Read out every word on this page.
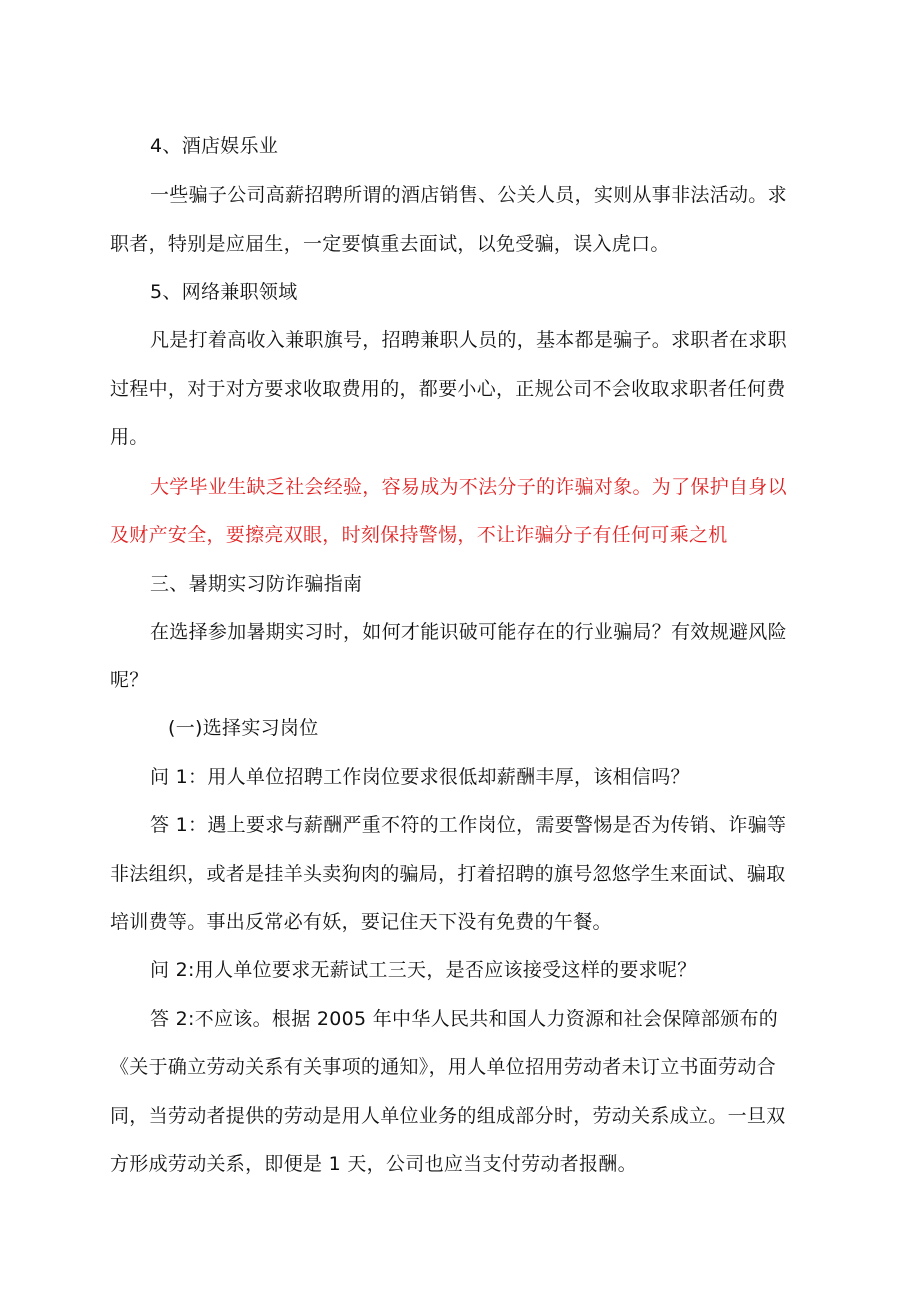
4、酒店娱乐业
一些骗子公司高薪招聘所谓的酒店销售、公关人员，实则从事非法活动。求
职者，特别是应届生，一定要慎重去面试，以免受骗，误入虎口。
5、网络兼职领域
凡是打着高收入兼职旗号，招聘兼职人员的，基本都是骗子。求职者在求职
过程中，对于对方要求收取费用的，都要小心，正规公司不会收取求职者任何费
用。
大学毕业生缺乏社会经验，容易成为不法分子的诈骗对象。为了保护自身以
及财产安全，要擦亮双眼，时刻保持警惕，不让诈骗分子有任何可乘之机
三、暑期实习防诈骗指南
在选择参加暑期实习时，如何才能识破可能存在的行业骗局？有效规避风险
呢？
(一)选择实习岗位
问 1：用人单位招聘工作岗位要求很低却薪酬丰厚，该相信吗？
答 1：遇上要求与薪酬严重不符的工作岗位，需要警惕是否为传销、诈骗等
非法组织，或者是挂羊头卖狗肉的骗局，打着招聘的旗号忽悠学生来面试、骗取
培训费等。事出反常必有妖，要记住天下没有免费的午餐。
问 2:用人单位要求无薪试工三天，是否应该接受这样的要求呢？
答 2:不应该。根据 2005 年中华人民共和国人力资源和社会保障部颁布的
《关于确立劳动关系有关事项的通知》，用人单位招用劳动者未订立书面劳动合
同，当劳动者提供的劳动是用人单位业务的组成部分时，劳动关系成立。一旦双
方形成劳动关系，即便是 1 天，公司也应当支付劳动者报酬。
